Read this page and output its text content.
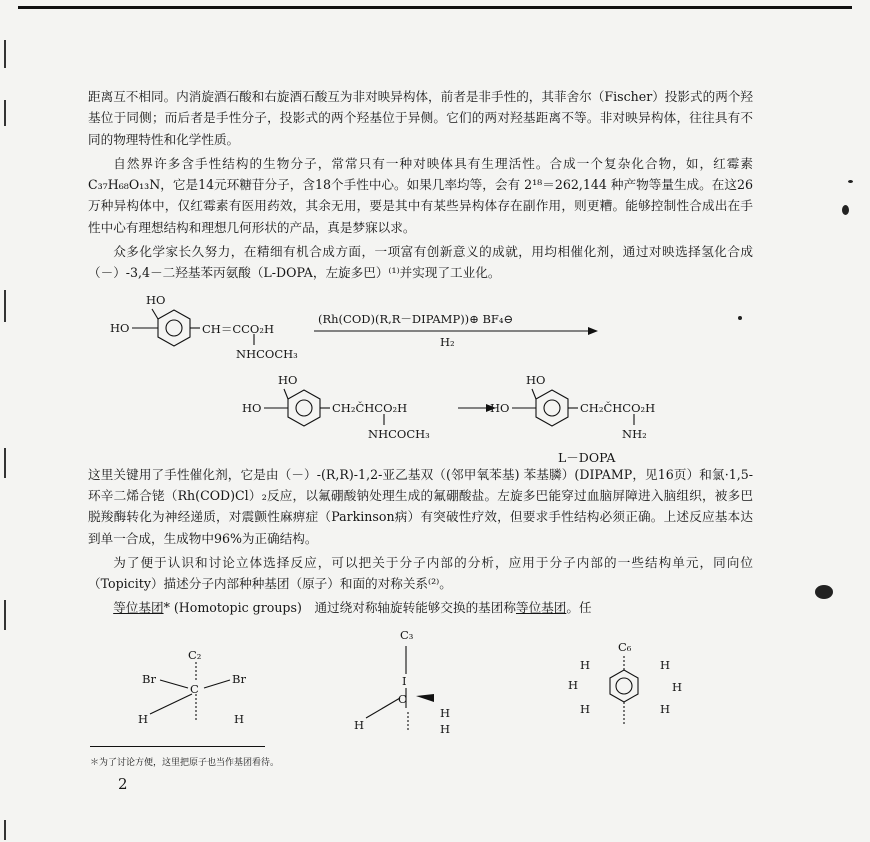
距离互不相同。内消旋酒石酸和右旋酒石酸互为非对映异构体，前者是非手性的，其菲舍尔（Fischer）投影式的两个羟基位于同侧；而后者是手性分子，投影式的两个羟基位于异侧。它们的两对羟基距离不等。非对映异构体，往往具有不同的物理特性和化学性质。

自然界许多含手性结构的生物分子，常常只有一种对映体具有生理活性。合成一个复杂化合物，如，红霉素 C₃₇H₆₈O₁₃N，它是14元环糖苷分子，含18个手性中心。如果几率均等，会有 2¹⁸＝262,144 种产物等量生成。在这26万种异构体中，仅红霉素有医用药效，其余无用，要是其中有某些异构体存在副作用，则更糟。能够控制性合成出在手性中心有理想结构和理想几何形状的产品，真是梦寐以求。

众多化学家长久努力，在精细有机合成方面，一项富有创新意义的成就，用均相催化剂，通过对映选择氢化合成（－）-3,4－二羟基苯丙氨酸（L-DOPA，左旋多巴）⁽¹⁾并实现了工业化。

HO
HO	CH＝CCO₂H
NHCOCH₃
(Rh(COD)(R,R－DIPAMP))⊕ BF₄⊖
H₂
HO
HO	CH₂ČHCO₂H
NHCOCH₃
HO
HO	CH₂ČHCO₂H
NH₂
L－DOPA

这里关键用了手性催化剂，它是由（－）-(R,R)-1,2-亚乙基双（(邻甲氧苯基) 苯基膦）(DIPAMP，见16页）和氯·1,5-环辛二烯合铑（Rh(COD)Cl）₂反应，以氟硼酸钠处理生成的氟硼酸盐。左旋多巴能穿过血脑屏障进入脑组织，被多巴脱羧酶转化为神经递质，对震颤性麻痹症（Parkinson病）有突破性疗效，但要求手性结构必须正确。上述反应基本达到单一合成，生成物中96%为正确结构。

为了便于认识和讨论立体选择反应，可以把关于分子内部的分析，应用于分子内部的一些结构单元，同向位（Topicity）描述分子内部种种基团（原子）和面的对称关系⁽²⁾。

等位基团* (Homotopic groups)　通过绕对称轴旋转能够交换的基团称等位基团。任

C₂
Br	Br
C
H	H
C₃
I
C
H
H
H
C₆
H	H
H	H
H	H
＊为了讨论方便，这里把原子也当作基团看待。
2
